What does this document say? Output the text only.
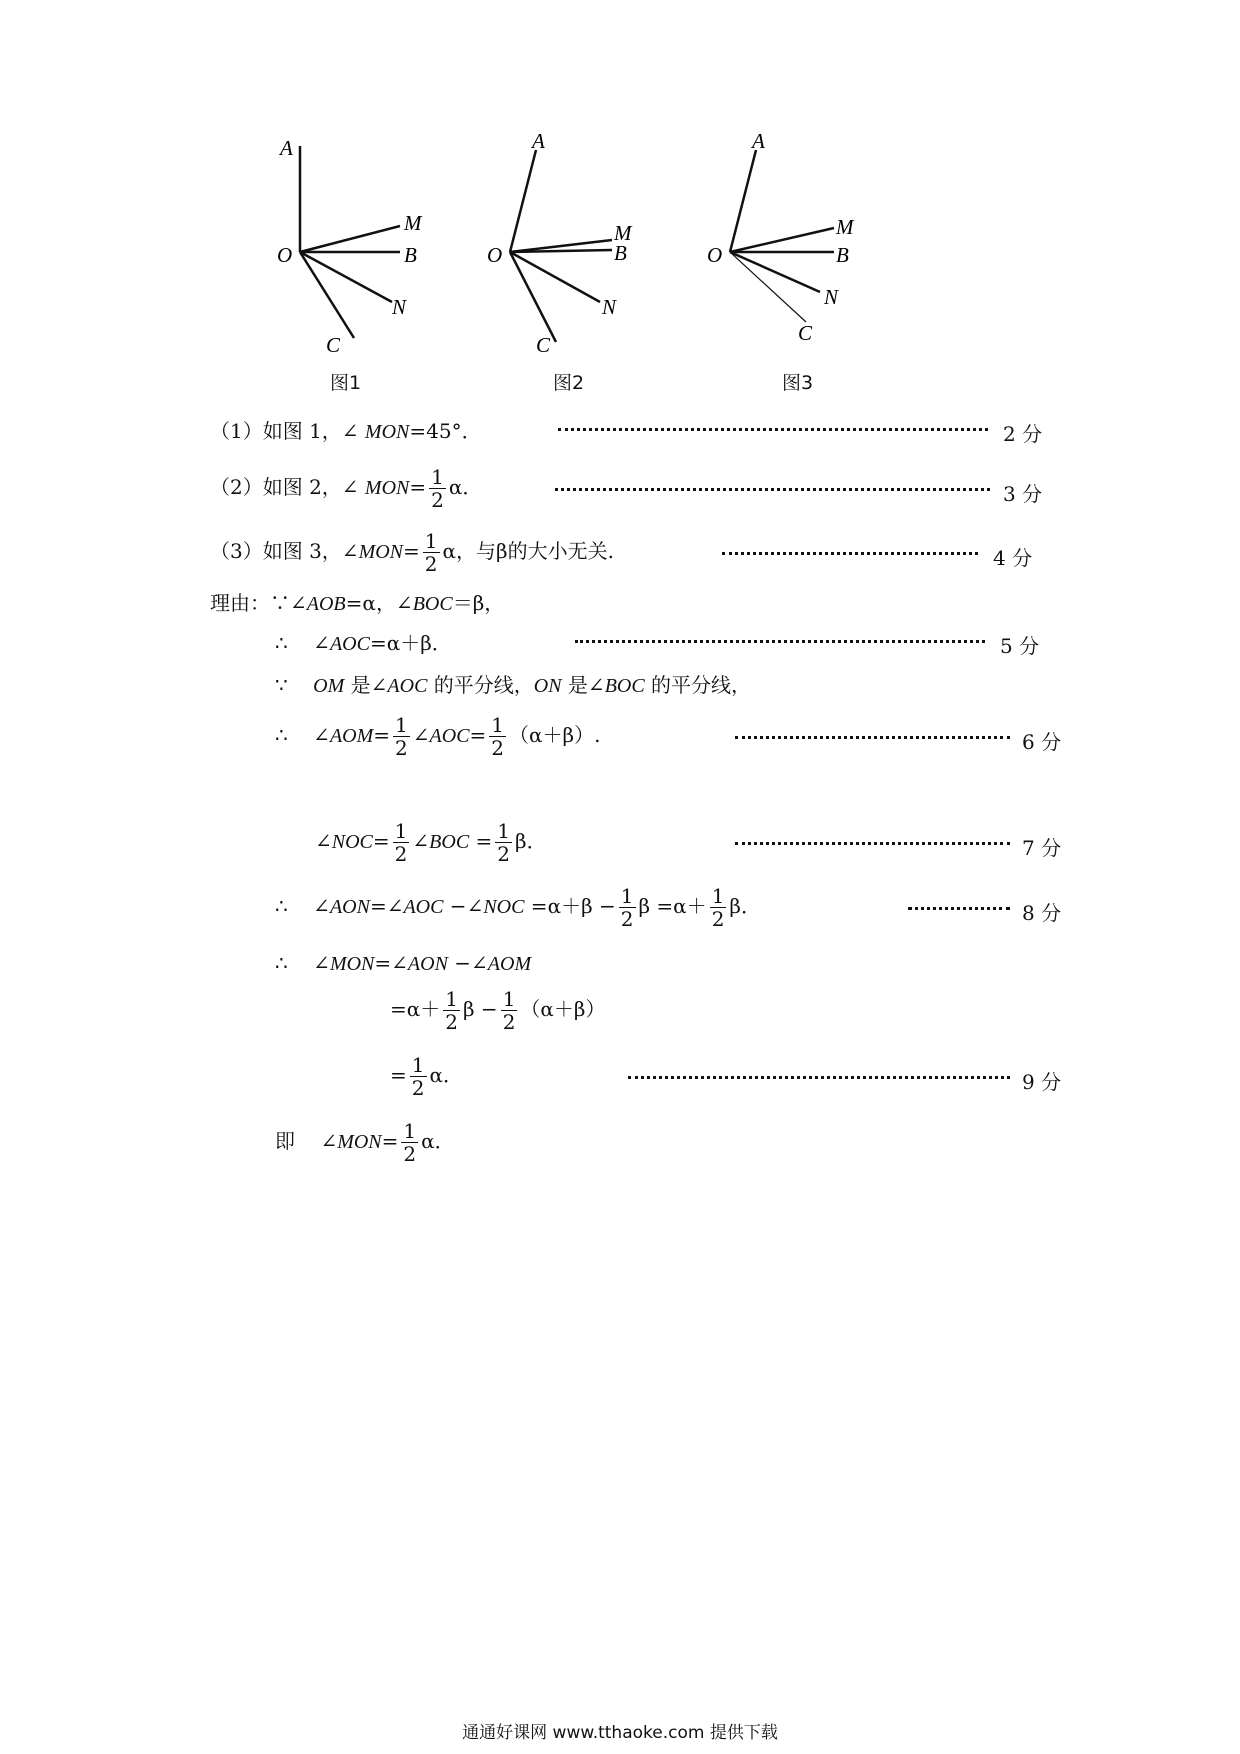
A
M
O	B
N
C
图1
A
M
O	B
N
C
图2
A
M
O	B
N
C
图3
（1）如图 1，∠ MON=45°．	2 分
（2）如图 2，∠ $MON= \frac{1}{2}$ α．	3 分
（3）如图 3，∠MON= $\frac{1}{2}$ α，与β的大小无关.	4 分
理由：∵∠AOB=α，∠BOC＝β，
∴ ∠AOC=α＋β．	5 分
∵ OM 是∠AOC 的平分线，ON 是∠BOC 的平分线，
∴ ∠AOM= $\frac{1}{2}$ ∠AOC= $\frac{1}{2} (\alpha+\beta)$.	6 分
∠NOC= $\frac{1}{2}$ ∠BOC = $\frac{1}{2}$ β．	7 分
∴ ∠AON=∠AOC −∠NOC $=\alpha+\beta - \frac{1}{2}$ $\beta =\alpha+ \frac{1}{2}$ β．	8 分
∴ ∠MON=∠AON −∠AOM
$=\alpha+ \frac{1}{2}$ $\beta - \frac{1}{2} (\alpha+\beta)$
= $\frac{1}{2}$ α．	9 分
即 ∠MON= $\frac{1}{2}$ α．
通通好课网 www.tthaoke.com 提供下载
